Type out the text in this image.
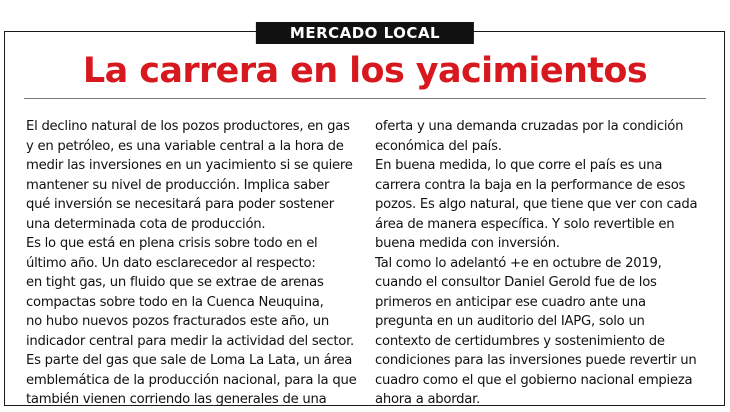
MERCADO LOCAL
La carrera en los yacimientos
El declino natural de los pozos productores, en gas
y en petróleo, es una variable central a la hora de
medir las inversiones en un yacimiento si se quiere
mantener su nivel de producción. Implica saber
qué inversión se necesitará para poder sostener
una determinada cota de producción.
Es lo que está en plena crisis sobre todo en el
último año. Un dato esclarecedor al respecto:
en tight gas, un fluido que se extrae de arenas
compactas sobre todo en la Cuenca Neuquina,
no hubo nuevos pozos fracturados este año, un
indicador central para medir la actividad del sector.
Es parte del gas que sale de Loma La Lata, un área
emblemática de la producción nacional, para la que
también vienen corriendo las generales de una
oferta y una demanda cruzadas por la condición
económica del país.
En buena medida, lo que corre el país es una
carrera contra la baja en la performance de esos
pozos. Es algo natural, que tiene que ver con cada
área de manera específica. Y solo revertible en
buena medida con inversión.
Tal como lo adelantó +e en octubre de 2019,
cuando el consultor Daniel Gerold fue de los
primeros en anticipar ese cuadro ante una
pregunta en un auditorio del IAPG, solo un
contexto de certidumbres y sostenimiento de
condiciones para las inversiones puede revertir un
cuadro como el que el gobierno nacional empieza
ahora a abordar.
